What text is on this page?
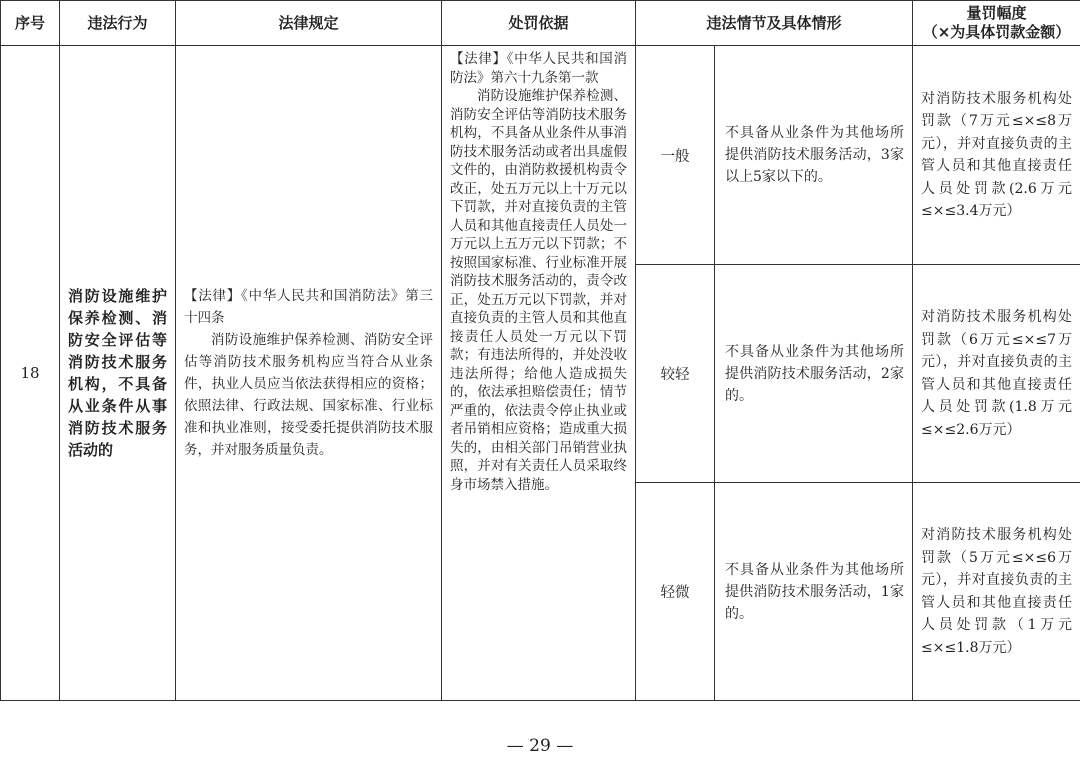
序号	违法行为	法律规定	处罚依据	违法情节及具体情形		量罚幅度
（×为具体罚款金额）

18	消防设施维护保养检测、消防安全评估等消防技术服务机构，不具备从业条件从事消防技术服务活动的	【法律】《中华人民共和国消防法》第三十四条
消防设施维护保养检测、消防安全评估等消防技术服务机构应当符合从业条件，执业人员应当依法获得相应的资格；依照法律、行政法规、国家标准、行业标准和执业准则，接受委托提供消防技术服务，并对服务质量负责。	【法律】《中华人民共和国消防法》第六十九条第一款
消防设施维护保养检测、消防安全评估等消防技术服务机构，不具备从业条件从事消防技术服务活动或者出具虚假文件的，由消防救援机构责令改正，处五万元以上十万元以下罚款，并对直接负责的主管人员和其他直接责任人员处一万元以上五万元以下罚款；不按照国家标准、行业标准开展消防技术服务活动的，责令改正，处五万元以下罚款，并对直接负责的主管人员和其他直接责任人员处一万元以下罚款；有违法所得的，并处没收违法所得；给他人造成损失的，依法承担赔偿责任；情节严重的，依法责令停止执业或者吊销相应资格；造成重大损失的，由相关部门吊销营业执照，并对有关责任人员采取终身市场禁入措施。	一般	不具备从业条件为其他场所提供消防技术服务活动，3家以上5家以下的。	对消防技术服务机构处罚款（7万元≤×≤8万元），并对直接负责的主管人员和其他直接责任人员处罚款(2.6万元≤×≤3.4万元）
				较轻	不具备从业条件为其他场所提供消防技术服务活动，2家的。	对消防技术服务机构处罚款（6万元≤×≤7万元），并对直接负责的主管人员和其他直接责任人员处罚款(1.8万元≤×≤2.6万元）
				轻微	不具备从业条件为其他场所提供消防技术服务活动，1家的。	对消防技术服务机构处罚款（5万元≤×≤6万元），并对直接负责的主管人员和其他直接责任人员处罚款（1万元≤×≤1.8万元）
— 29 —
